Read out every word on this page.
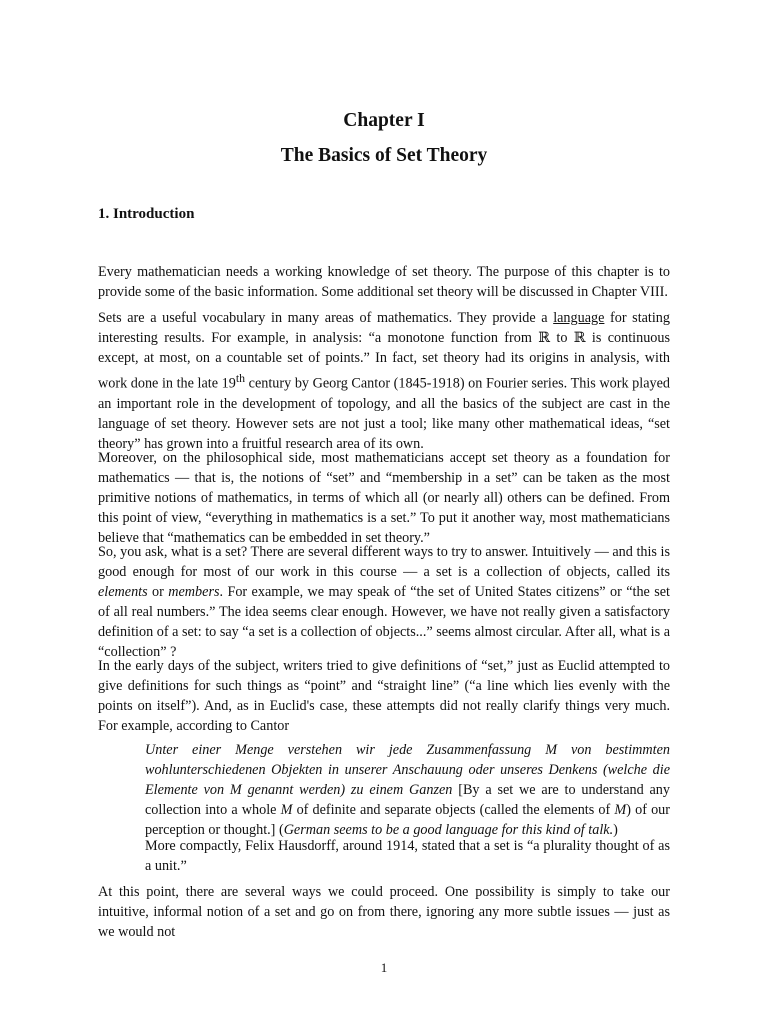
Chapter I
The Basics of Set Theory
1. Introduction

Every mathematician needs a working knowledge of set theory. The purpose of this chapter is to provide some of the basic information. Some additional set theory will be discussed in Chapter VIII.

Sets are a useful vocabulary in many areas of mathematics. They provide a language for stating interesting results. For example, in analysis: “a monotone function from ℝ to ℝ is continuous except, at most, on a countable set of points.” In fact, set theory had its origins in analysis, with work done in the late 19th century by Georg Cantor (1845-1918) on Fourier series. This work played an important role in the development of topology, and all the basics of the subject are cast in the language of set theory. However sets are not just a tool; like many other mathematical ideas, “set theory” has grown into a fruitful research area of its own.

Moreover, on the philosophical side, most mathematicians accept set theory as a foundation for mathematics — that is, the notions of “set” and “membership in a set” can be taken as the most primitive notions of mathematics, in terms of which all (or nearly all) others can be defined. From this point of view, “everything in mathematics is a set.” To put it another way, most mathematicians believe that “mathematics can be embedded in set theory.”

So, you ask, what is a set? There are several different ways to try to answer. Intuitively — and this is good enough for most of our work in this course — a set is a collection of objects, called its elements or members. For example, we may speak of “the set of United States citizens” or “the set of all real numbers.” The idea seems clear enough. However, we have not really given a satisfactory definition of a set: to say “a set is a collection of objects...” seems almost circular. After all, what is a “collection” ?

In the early days of the subject, writers tried to give definitions of “set,” just as Euclid attempted to give definitions for such things as “point” and “straight line” (“a line which lies evenly with the points on itself”). And, as in Euclid's case, these attempts did not really clarify things very much. For example, according to Cantor

Unter einer Menge verstehen wir jede Zusammenfassung M von bestimmten wohlunterschiedenen Objekten in unserer Anschauung oder unseres Denkens (welche die Elemente von M genannt werden) zu einem Ganzen [By a set we are to understand any collection into a whole M of definite and separate objects (called the elements of M) of our perception or thought.] (German seems to be a good language for this kind of talk.)

More compactly, Felix Hausdorff, around 1914, stated that a set is “a plurality thought of as a unit.”

At this point, there are several ways we could proceed. One possibility is simply to take our intuitive, informal notion of a set and go on from there, ignoring any more subtle issues — just as we would not

1
